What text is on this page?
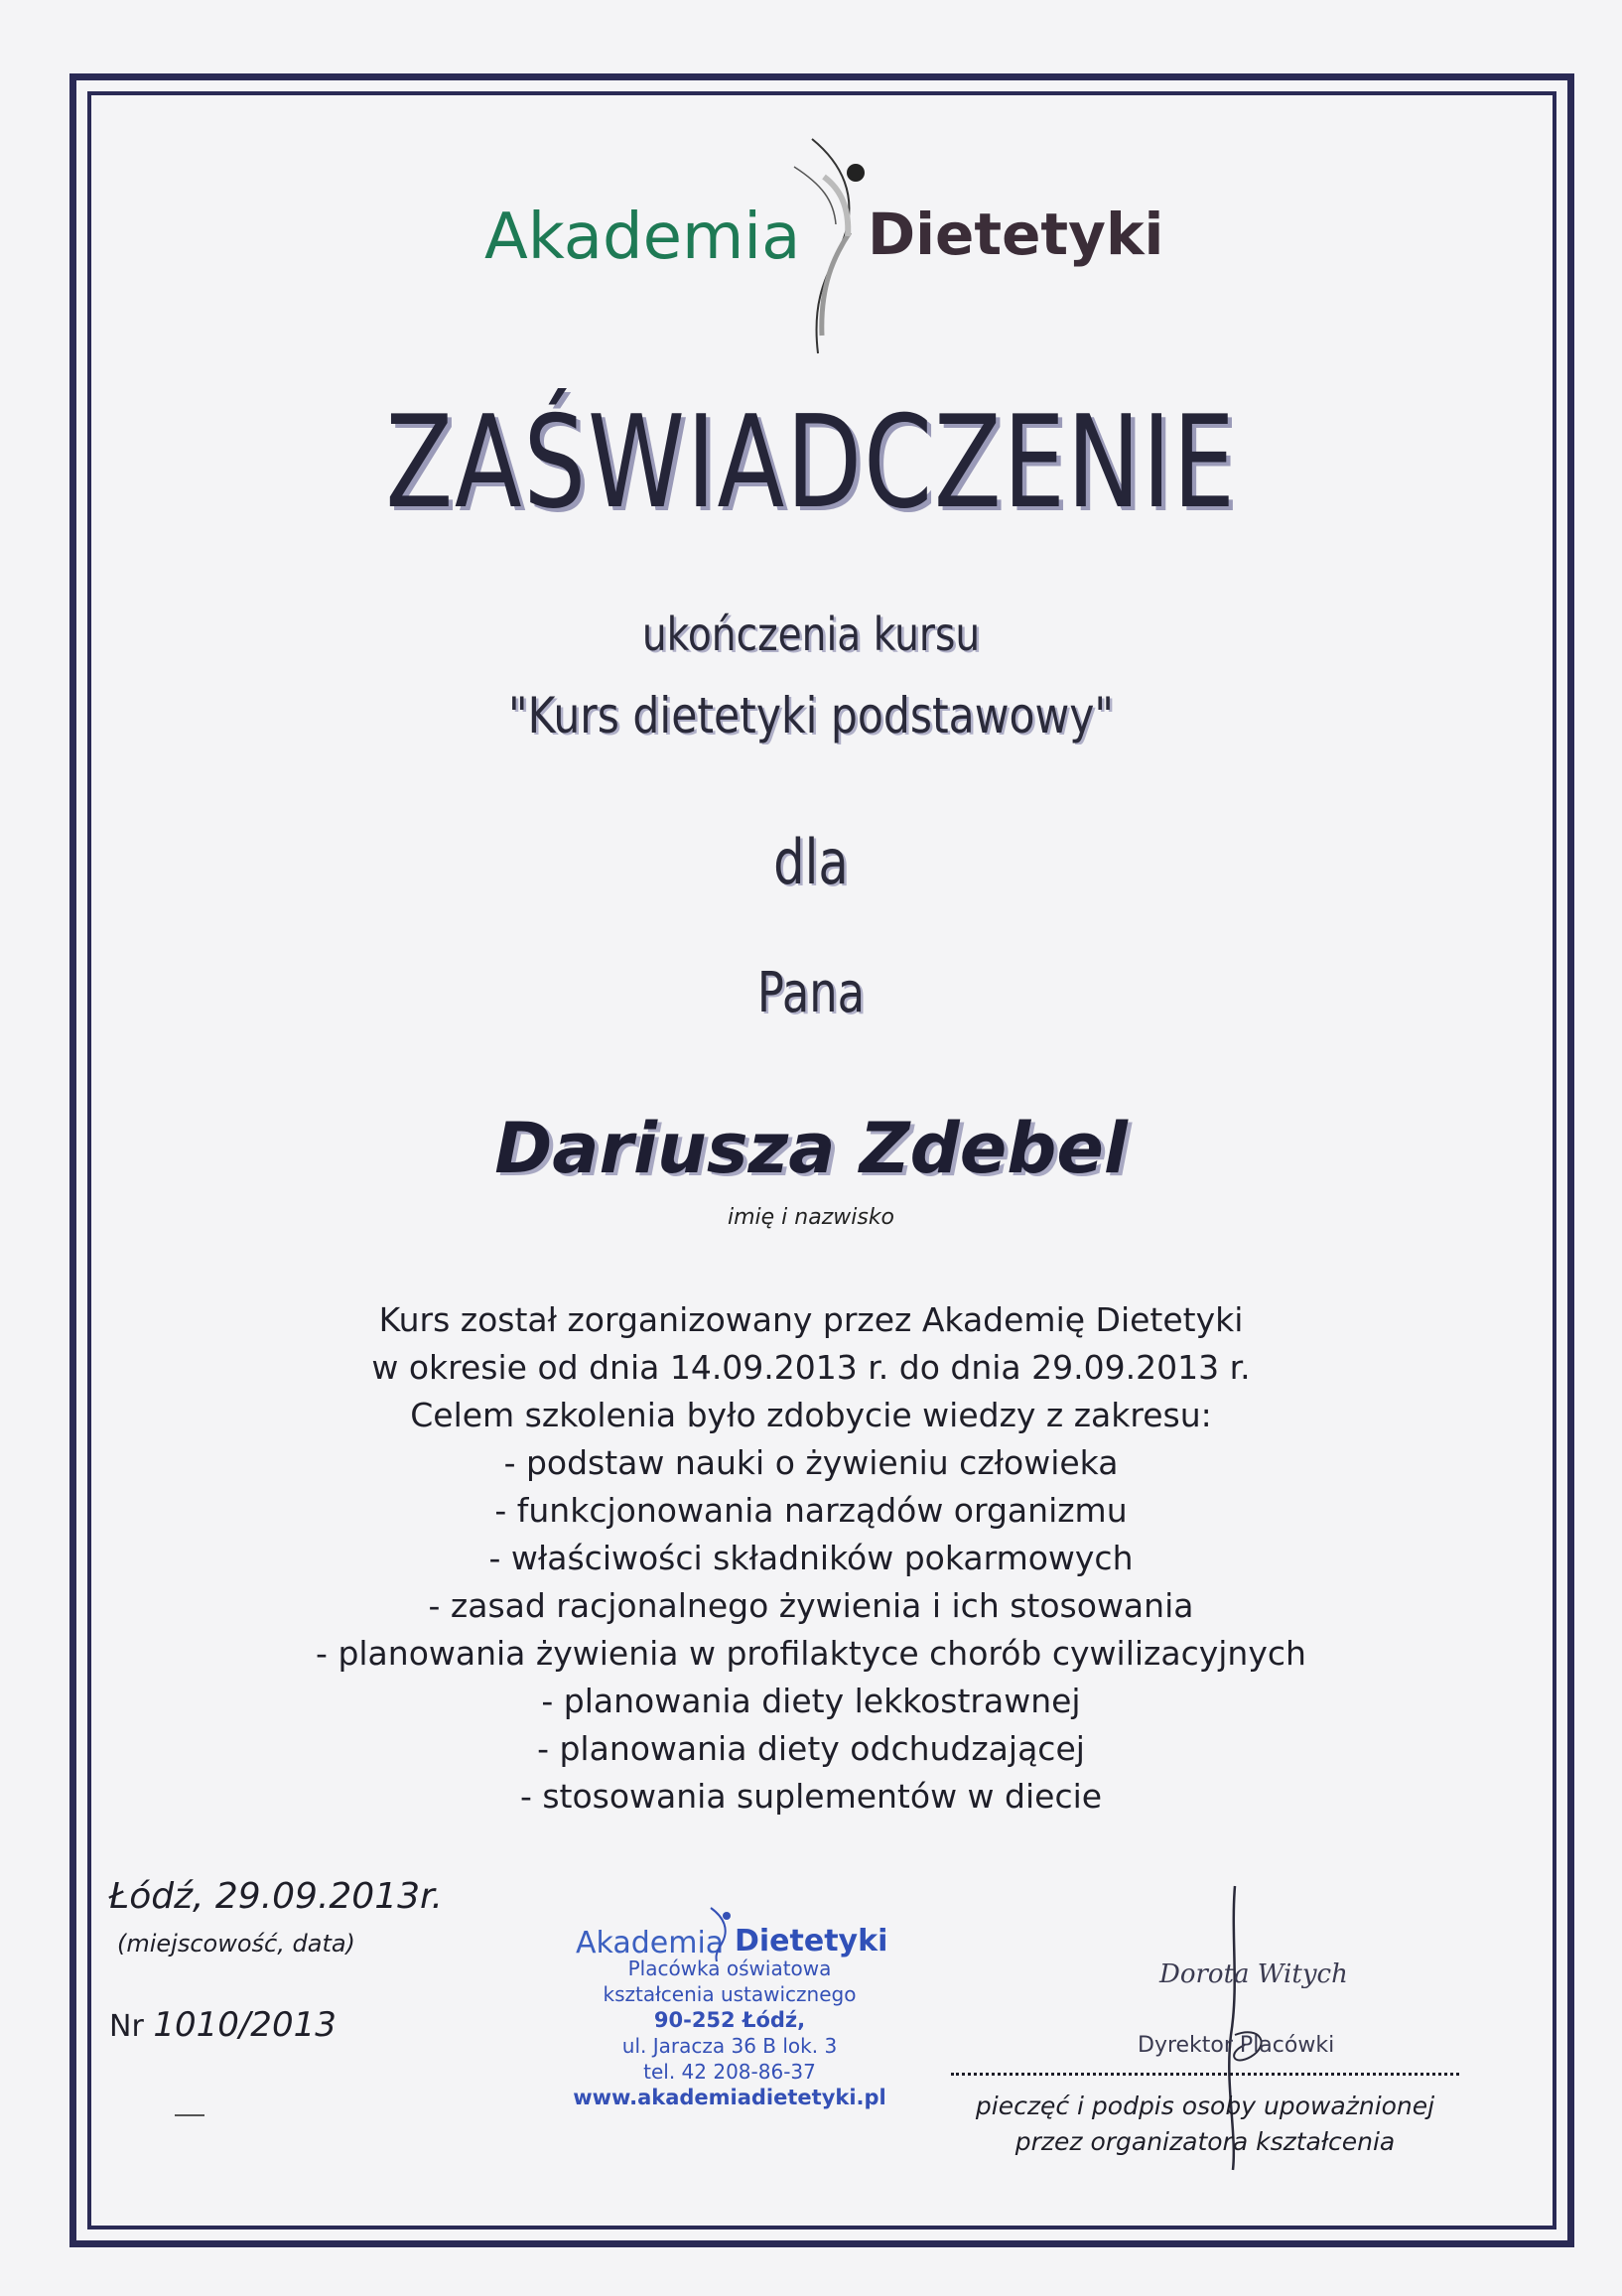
Akademia Dietetyki
ZAŚWIADCZENIE
ukończenia kursu
"Kurs dietetyki podstawowy"
dla
Pana
Dariusza Zdebel
imię i nazwisko
Kurs został zorganizowany przez Akademię Dietetyki
w okresie od dnia 14.09.2013 r. do dnia 29.09.2013 r.
Celem szkolenia było zdobycie wiedzy z zakresu:
- podstaw nauki o żywieniu człowieka
- funkcjonowania narządów organizmu
- właściwości składników pokarmowych
- zasad racjonalnego żywienia i ich stosowania
- planowania żywienia w profilaktyce chorób cywilizacyjnych
- planowania diety lekkostrawnej
- planowania diety odchudzającej
- stosowania suplementów w diecie
Łódź, 29.09.2013r.
(miejscowość, data)
Nr 1010/2013
Akademia Dietetyki
Placówka oświatowa
kształcenia ustawicznego
90-252 Łódź,
ul. Jaracza 36 B lok. 3
tel. 42 208-86-37
www.akademiadietetyki.pl
Dorota Witych
Dyrektor Placówki
pieczęć i podpis osoby upoważnionej
przez organizatora kształcenia
